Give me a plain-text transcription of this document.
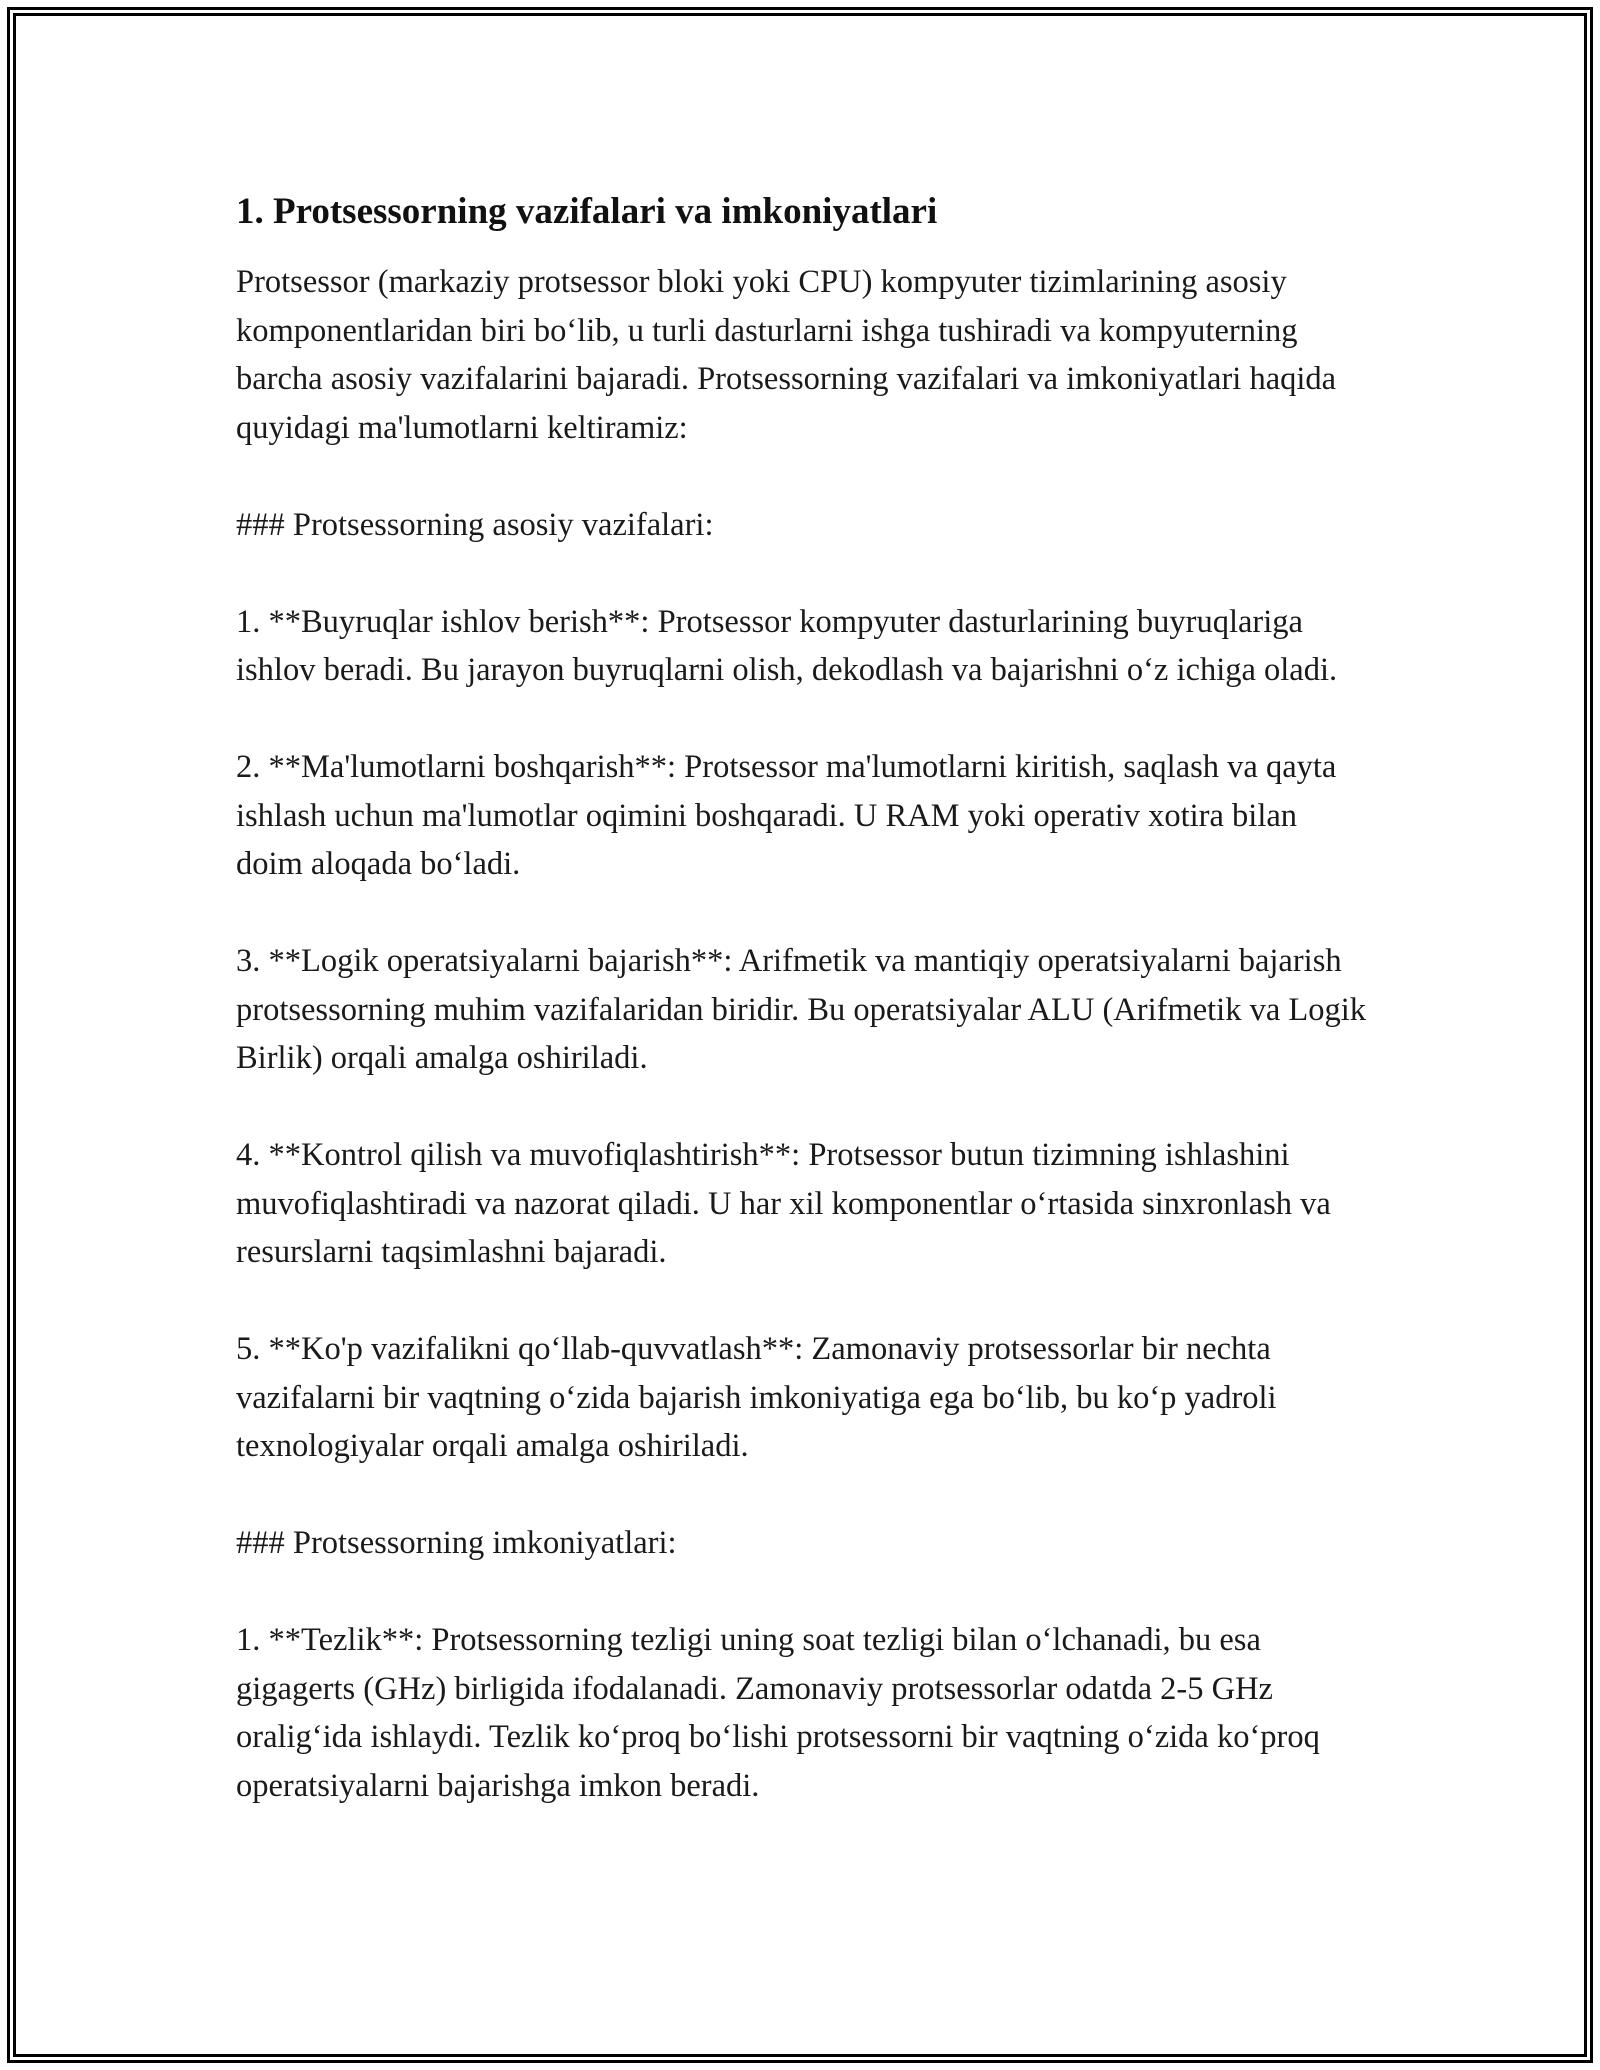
1. Protsessorning vazifalari va imkoniyatlari

Protsessor (markaziy protsessor bloki yoki CPU) kompyuter tizimlarining asosiy komponentlaridan biri bo‘lib, u turli dasturlarni ishga tushiradi va kompyuterning barcha asosiy vazifalarini bajaradi. Protsessorning vazifalari va imkoniyatlari haqida quyidagi ma'lumotlarni keltiramiz:

### Protsessorning asosiy vazifalari:

1. **Buyruqlar ishlov berish**: Protsessor kompyuter dasturlarining buyruqlariga ishlov beradi. Bu jarayon buyruqlarni olish, dekodlash va bajarishni o‘z ichiga oladi.

2. **Ma'lumotlarni boshqarish**: Protsessor ma'lumotlarni kiritish, saqlash va qayta ishlash uchun ma'lumotlar oqimini boshqaradi. U RAM yoki operativ xotira bilan doim aloqada bo‘ladi.

3. **Logik operatsiyalarni bajarish**: Arifmetik va mantiqiy operatsiyalarni bajarish protsessorning muhim vazifalaridan biridir. Bu operatsiyalar ALU (Arifmetik va Logik Birlik) orqali amalga oshiriladi.

4. **Kontrol qilish va muvofiqlashtirish**: Protsessor butun tizimning ishlashini muvofiqlashtiradi va nazorat qiladi. U har xil komponentlar o‘rtasida sinxronlash va resurslarni taqsimlashni bajaradi.

5. **Ko'p vazifalikni qo‘llab-quvvatlash**: Zamonaviy protsessorlar bir nechta vazifalarni bir vaqtning o‘zida bajarish imkoniyatiga ega bo‘lib, bu ko‘p yadroli texnologiyalar orqali amalga oshiriladi.

### Protsessorning imkoniyatlari:

1. **Tezlik**: Protsessorning tezligi uning soat tezligi bilan o‘lchanadi, bu esa gigagerts (GHz) birligida ifodalanadi. Zamonaviy protsessorlar odatda 2-5 GHz oralig‘ida ishlaydi. Tezlik ko‘proq bo‘lishi protsessorni bir vaqtning o‘zida ko‘proq operatsiyalarni bajarishga imkon beradi.
